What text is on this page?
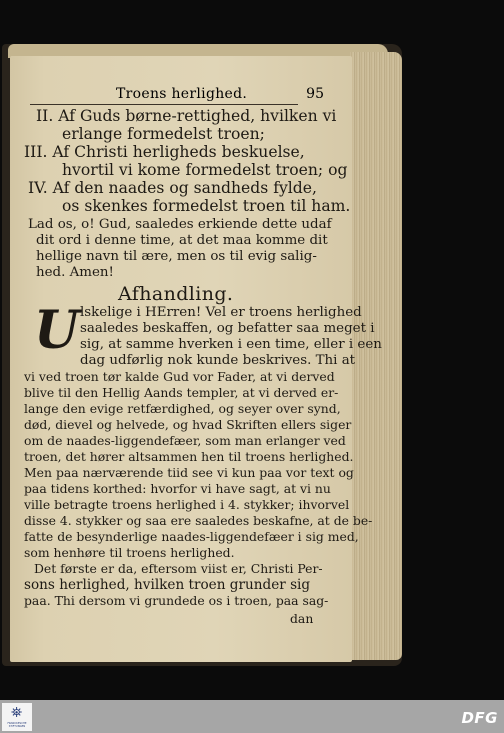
Troens herlighed.	95
II. Af Guds børne-rettighed, hvilken vi
erlange formedelst troen;
III. Af Christi herligheds beskuelse,
hvortil vi kome formedelst troen; og
IV. Af den naades og sandheds fylde,
os skenkes formedelst troen til ham.
Lad os, o! Gud, saaledes erkiende dette udaf
dit ord i denne time, at det maa komme dit
hellige navn til ære, men os til evig salig-
hed. Amen!
Afhandling.
U lskelige i HErren! Vel er troens herlighed
saaledes beskaffen, og befatter saa meget i
sig, at samme hverken i een time, eller i een
dag udførlig nok kunde beskrives. Thi at
vi ved troen tør kalde Gud vor Fader, at vi derved
blive til den Hellig Aands templer, at vi derved er-
lange den evige retfærdighed, og seyer over synd,
død, dievel og helvede, og hvad Skriften ellers siger
om de naades-liggendefæer, som man erlanger ved
troen, det hører altsammen hen til troens herlighed.
Men paa nærværende tiid see vi kun paa vor text og
paa tidens korthed: hvorfor vi have sagt, at vi nu
ville betragte troens herlighed i 4. stykker; ihvorvel
disse 4. stykker og saa ere saaledes beskafne, at de be-
fatte de besynderlige naades-liggendefæer i sig med,
som henhøre til troens herlighed.
Det første er da, eftersom viist er, Christi Per-
sons herlighed, hvilken troen grunder sig
paa. Thi dersom vi grundede os i troen, paa sag-
dan
⛯
FRANCKESCHE STIFTUNGEN	DFG
